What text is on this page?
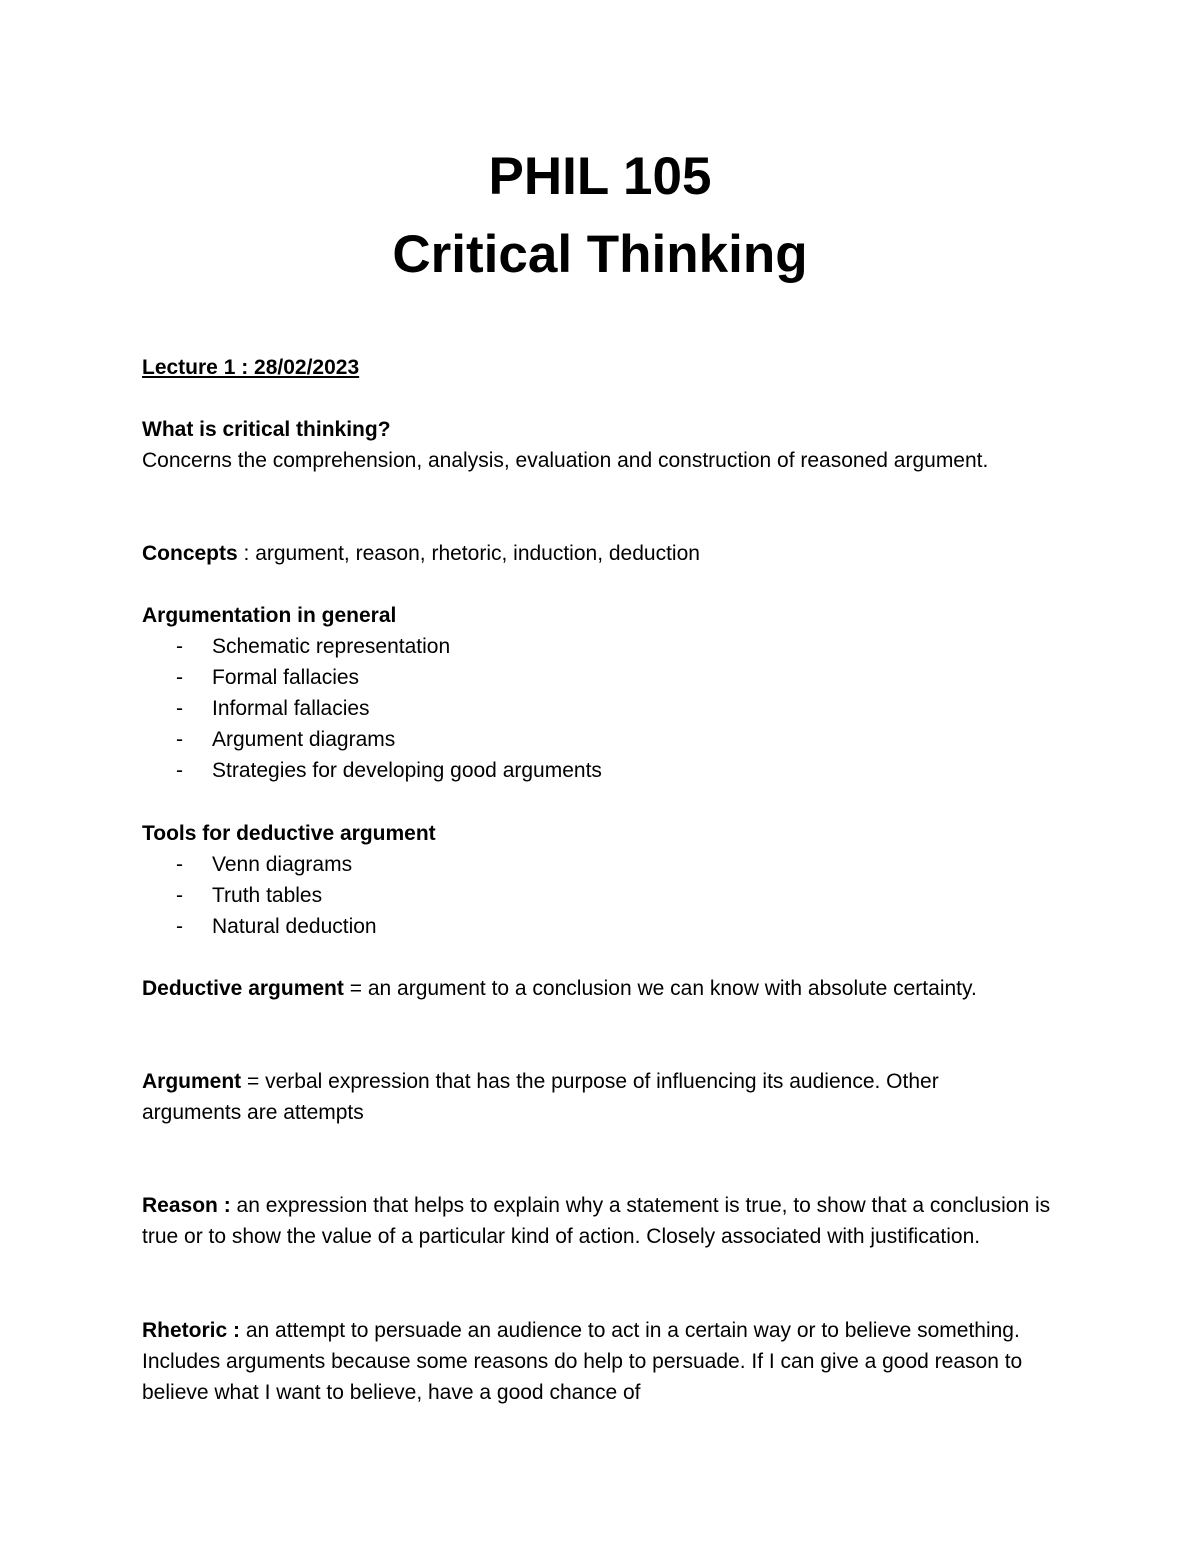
PHIL 105
Critical Thinking

Lecture 1 : 28/02/2023

What is critical thinking?

Concerns the comprehension, analysis, evaluation and construction of reasoned argument.

Concepts : argument, reason, rhetoric, induction, deduction

Argumentation in general

- Schematic representation
- Formal fallacies
- Informal fallacies
- Argument diagrams
- Strategies for developing good arguments

Tools for deductive argument

- Venn diagrams
- Truth tables
- Natural deduction

Deductive argument = an argument to a conclusion we can know with absolute certainty.

Argument = verbal expression that has the purpose of influencing its audience. Other arguments are attempts

Reason : an expression that helps to explain why a statement is true, to show that a conclusion is true or to show the value of a particular kind of action. Closely associated with justification.

Rhetoric : an attempt to persuade an audience to act in a certain way or to believe something. Includes arguments because some reasons do help to persuade. If I can give a good reason to believe what I want to believe, have a good chance of
